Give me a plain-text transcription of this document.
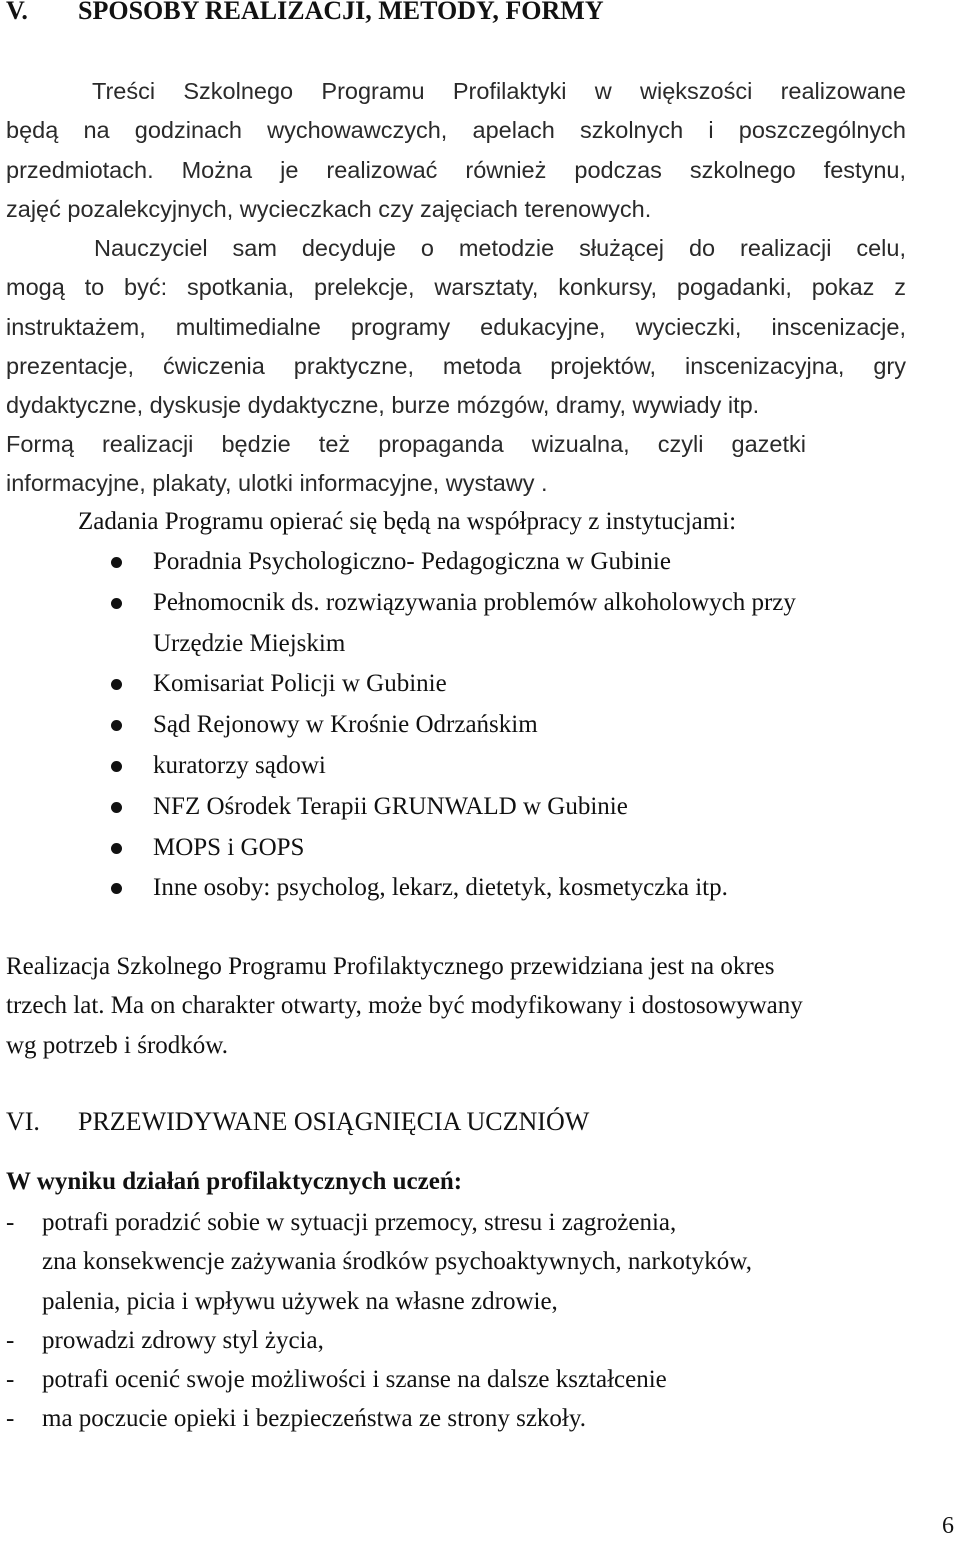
V. SPOSOBY REALIZACJI, METODY, FORMY
Treści Szkolnego Programu Profilaktyki w większości realizowane
będą na godzinach wychowawczych, apelach szkolnych i poszczególnych
przedmiotach. Można je realizować również podczas szkolnego festynu,
zajęć pozalekcyjnych, wycieczkach czy zajęciach terenowych.
Nauczyciel sam decyduje o metodzie służącej do realizacji celu,
mogą to być: spotkania, prelekcje, warsztaty, konkursy, pogadanki, pokaz z
instruktażem, multimedialne programy edukacyjne, wycieczki, inscenizacje,
prezentacje, ćwiczenia praktyczne, metoda projektów, inscenizacyjna, gry
dydaktyczne, dyskusje dydaktyczne, burze mózgów, dramy, wywiady itp.
Formą realizacji będzie też propaganda wizualna, czyli gazetki
informacyjne, plakaty, ulotki informacyjne, wystawy .
Zadania Programu opierać się będą na współpracy z instytucjami:
Poradnia Psychologiczno- Pedagogiczna w Gubinie
Pełnomocnik ds. rozwiązywania problemów alkoholowych przy
Urzędzie Miejskim
Komisariat Policji w Gubinie
Sąd Rejonowy w Krośnie Odrzańskim
kuratorzy sądowi
NFZ Ośrodek Terapii GRUNWALD w Gubinie
MOPS i GOPS
Inne osoby: psycholog, lekarz, dietetyk, kosmetyczka itp.
Realizacja Szkolnego Programu Profilaktycznego przewidziana jest na okres
trzech lat. Ma on charakter otwarty, może być modyfikowany i dostosowywany
wg potrzeb i środków.
VI. PRZEWIDYWANE OSIĄGNIĘCIA UCZNIÓW
W wyniku działań profilaktycznych uczeń:
- potrafi poradzić sobie w sytuacji przemocy, stresu i zagrożenia,
zna konsekwencje zażywania środków psychoaktywnych, narkotyków,
palenia, picia i wpływu używek na własne zdrowie,
- prowadzi zdrowy styl życia,
- potrafi ocenić swoje możliwości i szanse na dalsze kształcenie
- ma poczucie opieki i bezpieczeństwa ze strony szkoły.
6
